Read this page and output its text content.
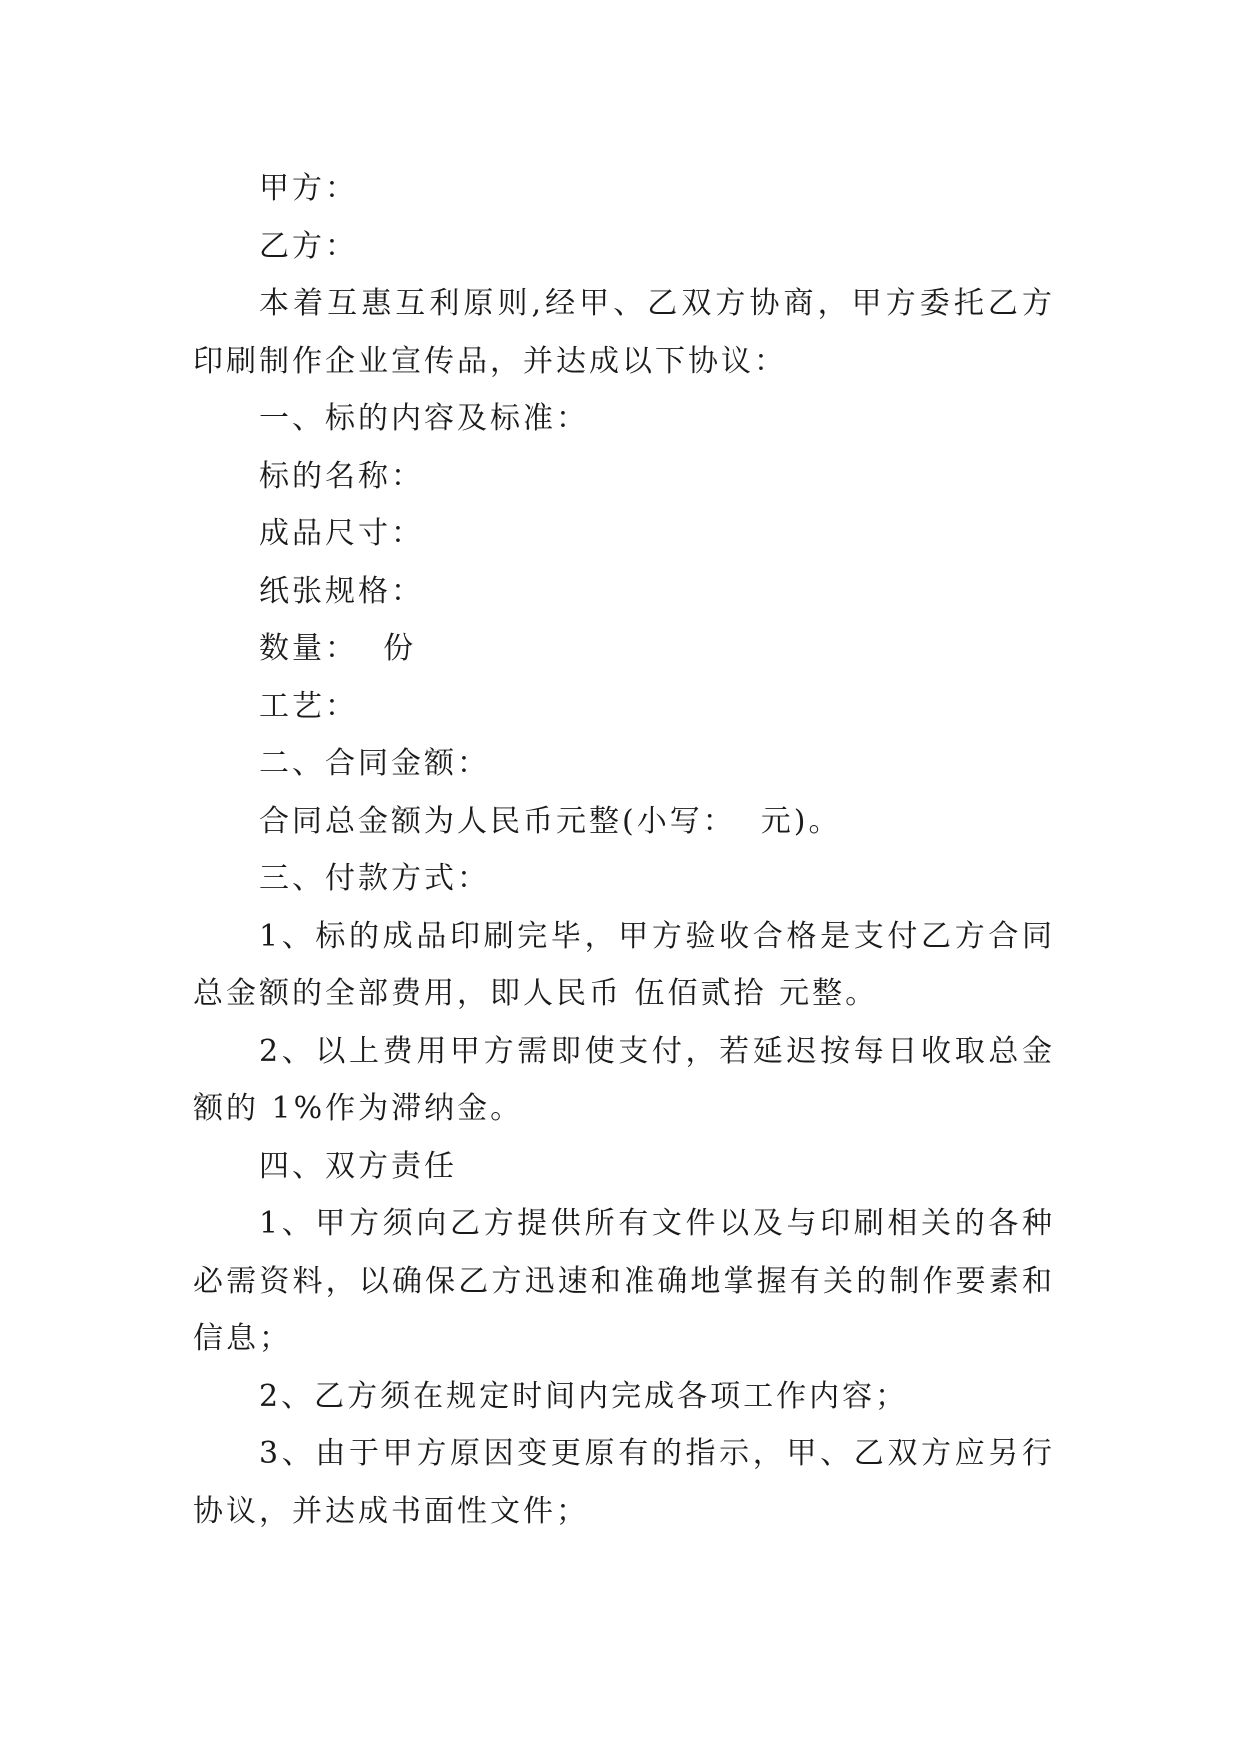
甲方：

乙方：

本着互惠互利原则,经甲、乙双方协商，甲方委托乙方印刷制作企业宣传品，并达成以下协议：

一、标的内容及标准：

标的名称：

成品尺寸：

纸张规格：

数量：  份

工艺：

二、合同金额：

合同总金额为人民币元整(小写：  元)。

三、付款方式：

1、标的成品印刷完毕，甲方验收合格是支付乙方合同总金额的全部费用，即人民币 伍佰贰拾 元整。

2、以上费用甲方需即使支付，若延迟按每日收取总金额的 1%作为滞纳金。

四、双方责任

1、甲方须向乙方提供所有文件以及与印刷相关的各种必需资料，以确保乙方迅速和准确地掌握有关的制作要素和信息；

2、乙方须在规定时间内完成各项工作内容；

3、由于甲方原因变更原有的指示，甲、乙双方应另行协议，并达成书面性文件；
